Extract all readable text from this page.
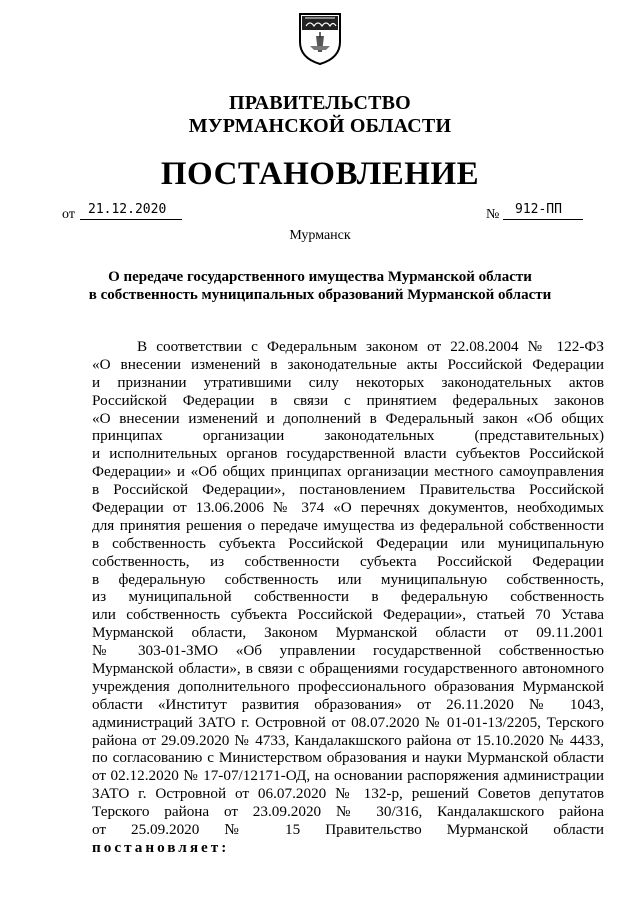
ПРАВИТЕЛЬСТВО
МУРМАНСКОЙ ОБЛАСТИ
ПОСТАНОВЛЕНИЕ
от 21.12.2020	№ 912-ПП
Мурманск
О передаче государственного имущества Мурманской области
в собственность муниципальных образований Мурманской области
В соответствии с Федеральным законом от 22.08.2004 № 122-ФЗ
«О внесении изменений в законодательные акты Российской Федерации
и признании утратившими силу некоторых законодательных актов
Российской Федерации в связи с принятием федеральных законов
«О внесении изменений и дополнений в Федеральный закон «Об общих
принципах организации законодательных (представительных)
и исполнительных органов государственной власти субъектов Российской
Федерации» и «Об общих принципах организации местного самоуправления
в Российской Федерации», постановлением Правительства Российской
Федерации от 13.06.2006 № 374 «О перечнях документов, необходимых
для принятия решения о передаче имущества из федеральной собственности
в собственность субъекта Российской Федерации или муниципальную
собственность, из собственности субъекта Российской Федерации
в федеральную собственность или муниципальную собственность,
из муниципальной собственности в федеральную собственность
или собственность субъекта Российской Федерации», статьей 70 Устава
Мурманской области, Законом Мурманской области от 09.11.2001
№ 303-01-ЗМО «Об управлении государственной собственностью
Мурманской области», в связи с обращениями государственного автономного
учреждения дополнительного профессионального образования Мурманской
области «Институт развития образования» от 26.11.2020 № 1043,
администраций ЗАТО г. Островной от 08.07.2020 № 01-01-13/2205, Терского
района от 29.09.2020 № 4733, Кандалакшского района от 15.10.2020 № 4433,
по согласованию с Министерством образования и науки Мурманской области
от 02.12.2020 № 17-07/12171-ОД, на основании распоряжения администрации
ЗАТО г. Островной от 06.07.2020 № 132-р, решений Советов депутатов
Терского района от 23.09.2020 № 30/316, Кандалакшского района
от 25.09.2020 № 15 Правительство Мурманской области
постановляет:
